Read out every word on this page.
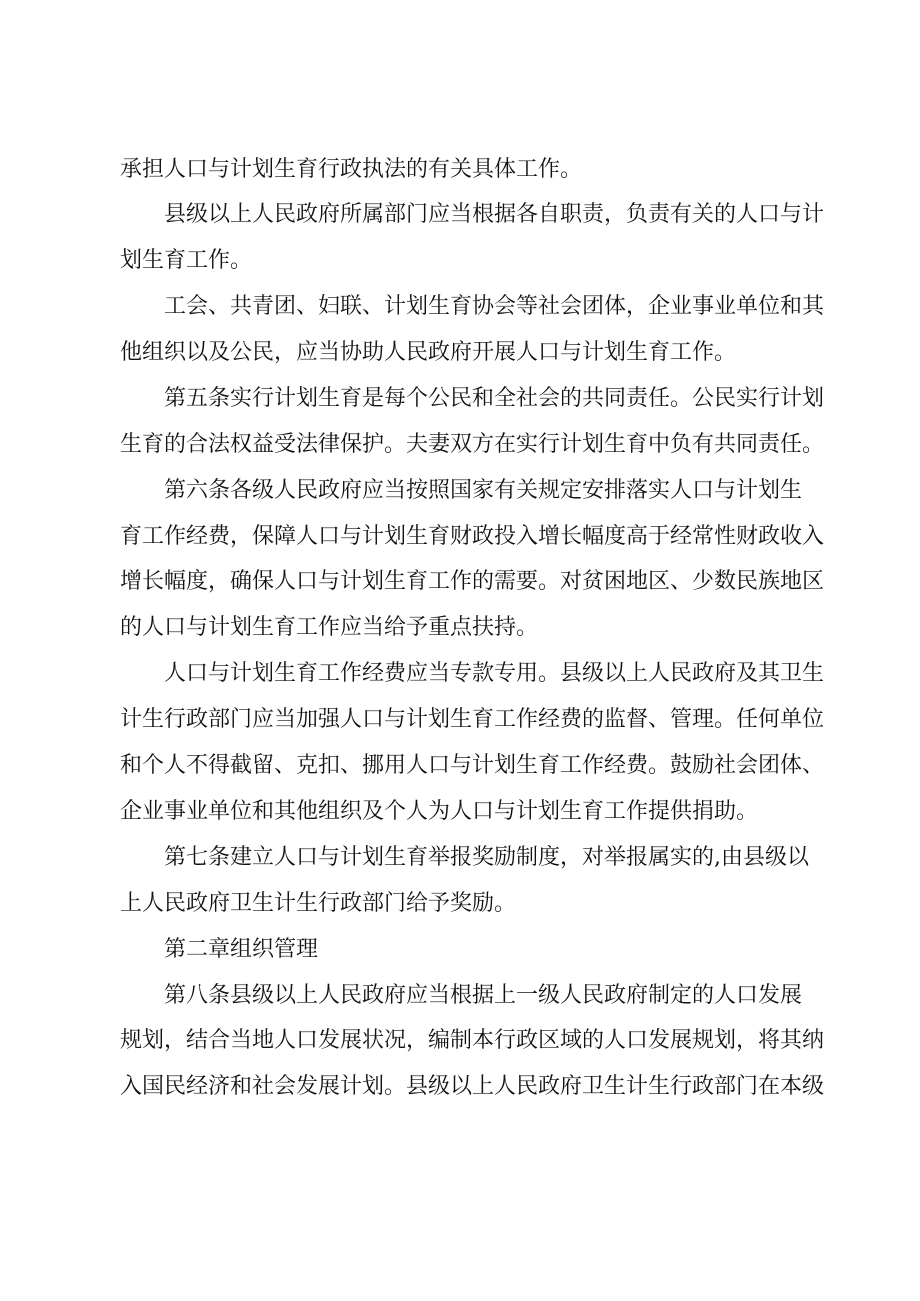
承担人口与计划生育行政执法的有关具体工作。
县级以上人民政府所属部门应当根据各自职责，负责有关的人口与计
划生育工作。
工会、共青团、妇联、计划生育协会等社会团体，企业事业单位和其
他组织以及公民，应当协助人民政府开展人口与计划生育工作。
第五条实行计划生育是每个公民和全社会的共同责任。公民实行计划
生育的合法权益受法律保护。夫妻双方在实行计划生育中负有共同责任。
第六条各级人民政府应当按照国家有关规定安排落实人口与计划生
育工作经费，保障人口与计划生育财政投入增长幅度高于经常性财政收入
增长幅度，确保人口与计划生育工作的需要。对贫困地区、少数民族地区
的人口与计划生育工作应当给予重点扶持。
人口与计划生育工作经费应当专款专用。县级以上人民政府及其卫生
计生行政部门应当加强人口与计划生育工作经费的监督、管理。任何单位
和个人不得截留、克扣、挪用人口与计划生育工作经费。鼓励社会团体、
企业事业单位和其他组织及个人为人口与计划生育工作提供捐助。
第七条建立人口与计划生育举报奖励制度，对举报属实的,由县级以
上人民政府卫生计生行政部门给予奖励。
第二章组织管理
第八条县级以上人民政府应当根据上一级人民政府制定的人口发展
规划，结合当地人口发展状况，编制本行政区域的人口发展规划，将其纳
入国民经济和社会发展计划。县级以上人民政府卫生计生行政部门在本级
